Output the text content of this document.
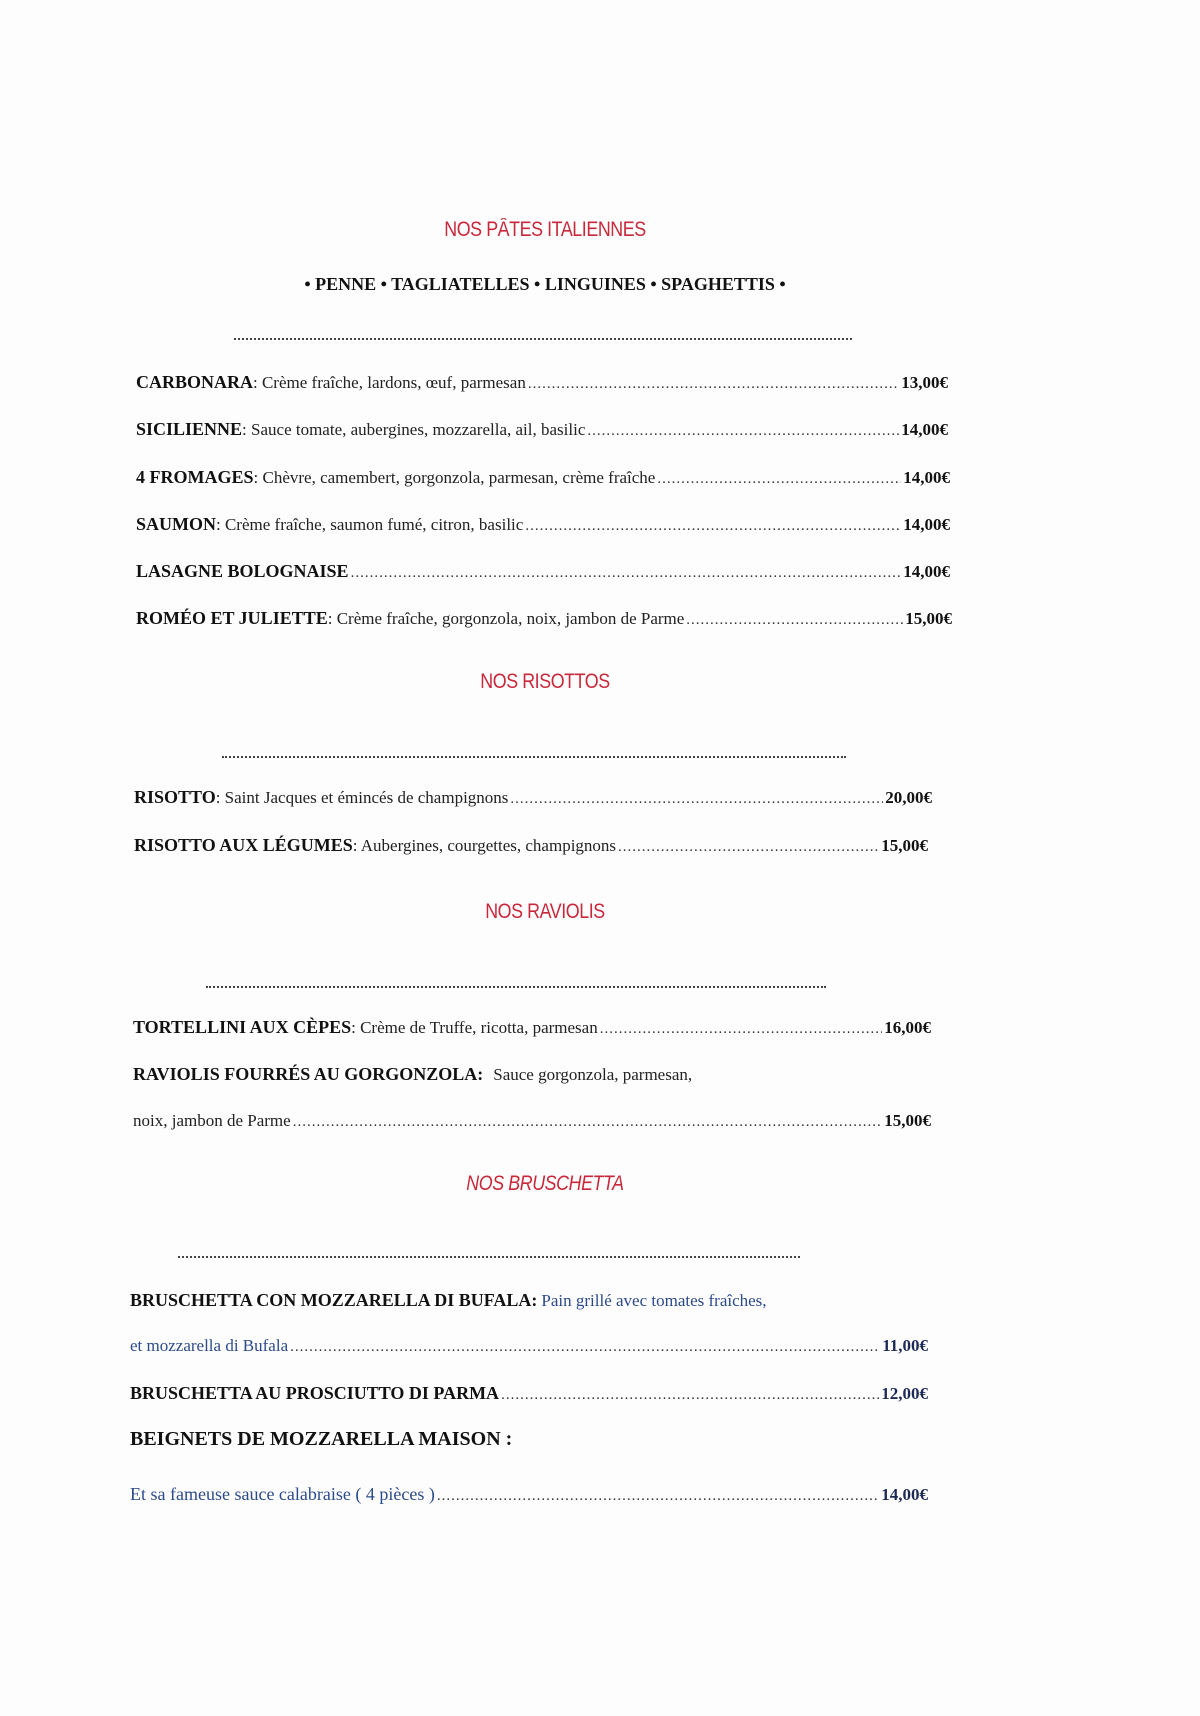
NOS PÂTES ITALIENNES
• PENNE • TAGLIATELLES • LINGUINES • SPAGHETTIS •
CARBONARA : Crème fraîche, lardons, œuf, parmesan .....	13,00€
SICILIENNE : Sauce tomate, aubergines, mozzarella, ail, basilic .....	14,00€
4 FROMAGES : Chèvre, camembert, gorgonzola, parmesan, crème fraîche .....	14,00€
SAUMON : Crème fraîche, saumon fumé, citron, basilic .....	14,00€
LASAGNE BOLOGNAISE .....	14,00€
ROMÉO ET JULIETTE : Crème fraîche, gorgonzola, noix, jambon de Parme .....	15,00€
NOS RISOTTOS
RISOTTO : Saint Jacques et émincés de champignons .....	20,00€
RISOTTO AUX LÉGUMES : Aubergines, courgettes, champignons .....	15,00€
NOS RAVIOLIS
TORTELLINI AUX CÈPES : Crème de Truffe, ricotta, parmesan .....	16,00€
RAVIOLIS FOURRÉS AU GORGONZOLA: Sauce gorgonzola, parmesan,
noix, jambon de Parme .....	15,00€
NOS BRUSCHETTA
BRUSCHETTA CON MOZZARELLA DI BUFALA: Pain grillé avec tomates fraîches,
et mozzarella di Bufala .....	11,00€
BRUSCHETTA AU PROSCIUTTO DI PARMA .....	12,00€
BEIGNETS DE MOZZARELLA MAISON :
Et sa fameuse sauce calabraise ( 4 pièces ) .....	14,00€
